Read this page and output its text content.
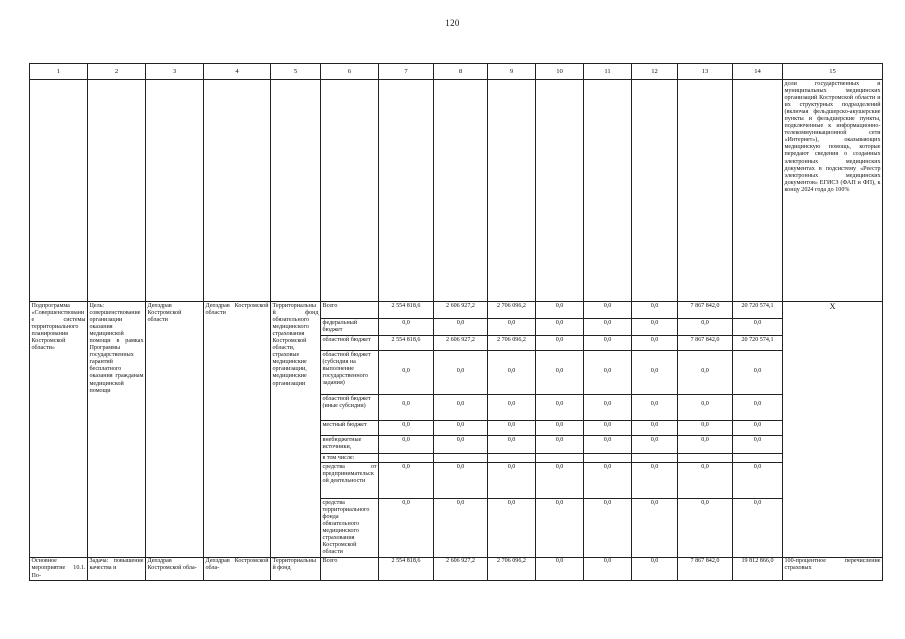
120
1	2	3	4	5	6	7	8	9	10	11	12	13	14	15
														доли государственных и муниципальных медицинских организаций Костромской области и их структурных подразделений (включая фельдшерско-акушерские пункты и фельдшерские пункты, подключенные к информационно-телекоммуникационной сети «Интернет»), оказывающих медицинскую помощь, которые передают сведения о созданных электронных медицинских документах в подсистему «Реестр электронных медицинских документов» ЕГИСЗ (ФАП и ФП), к концу 2024 года до 100%
Подпрограмма «Совершенствование системы территориального планирования Костромской области»	Цель: совершенствование организации оказания медицинской помощи в рамках Программы государственных гарантий бесплатного оказания гражданам медицинской помощи	Депздрав Костромской области	Депздрав Костромской области	Территориальный фонд обязательного медицинского страхования Костромской области, страховые медицинские организации, медицинские организации	Всего	2 554 818,6	2 606 927,2	2 706 096,2	0,0	0,0	0,0	7 867 842,0	20 720 574,1	Х
					федеральный бюджет	0,0	0,0	0,0	0,0	0,0	0,0	0,0	0,0	
					областной бюджет	2 554 818,6	2 606 927,2	2 706 096,2	0,0	0,0	0,0	7 867 842,0	20 720 574,1	
					областной бюджет (субсидия на выполнение государственного задания)	0,0	0,0	0,0	0,0	0,0	0,0	0,0	0,0	
					областной бюджет (иные субсидии)	0,0	0,0	0,0	0,0	0,0	0,0	0,0	0,0	
					местный бюджет	0,0	0,0	0,0	0,0	0,0	0,0	0,0	0,0	
					внебюджетные источники,	0,0	0,0	0,0	0,0	0,0	0,0	0,0	0,0	
					в том числе:									
					средства от предпринимательской деятельности	0,0	0,0	0,0	0,0	0,0	0,0	0,0	0,0	
					средства территориального фонда обязательного медицинского страхования Костромской области	0,0	0,0	0,0	0,0	0,0	0,0	0,0	0,0	
Основное мероприятие 10.1. По-	Задача: повышение качества и	Депздрав Костромской обла-	Депздрав Костромской обла-	Территориальный фонд	Всего	2 554 818,6	2 606 927,2	2 706 096,2	0,0	0,0	0,0	7 867 842,0	19 812 866,0	100-процентное перечисление страховых
